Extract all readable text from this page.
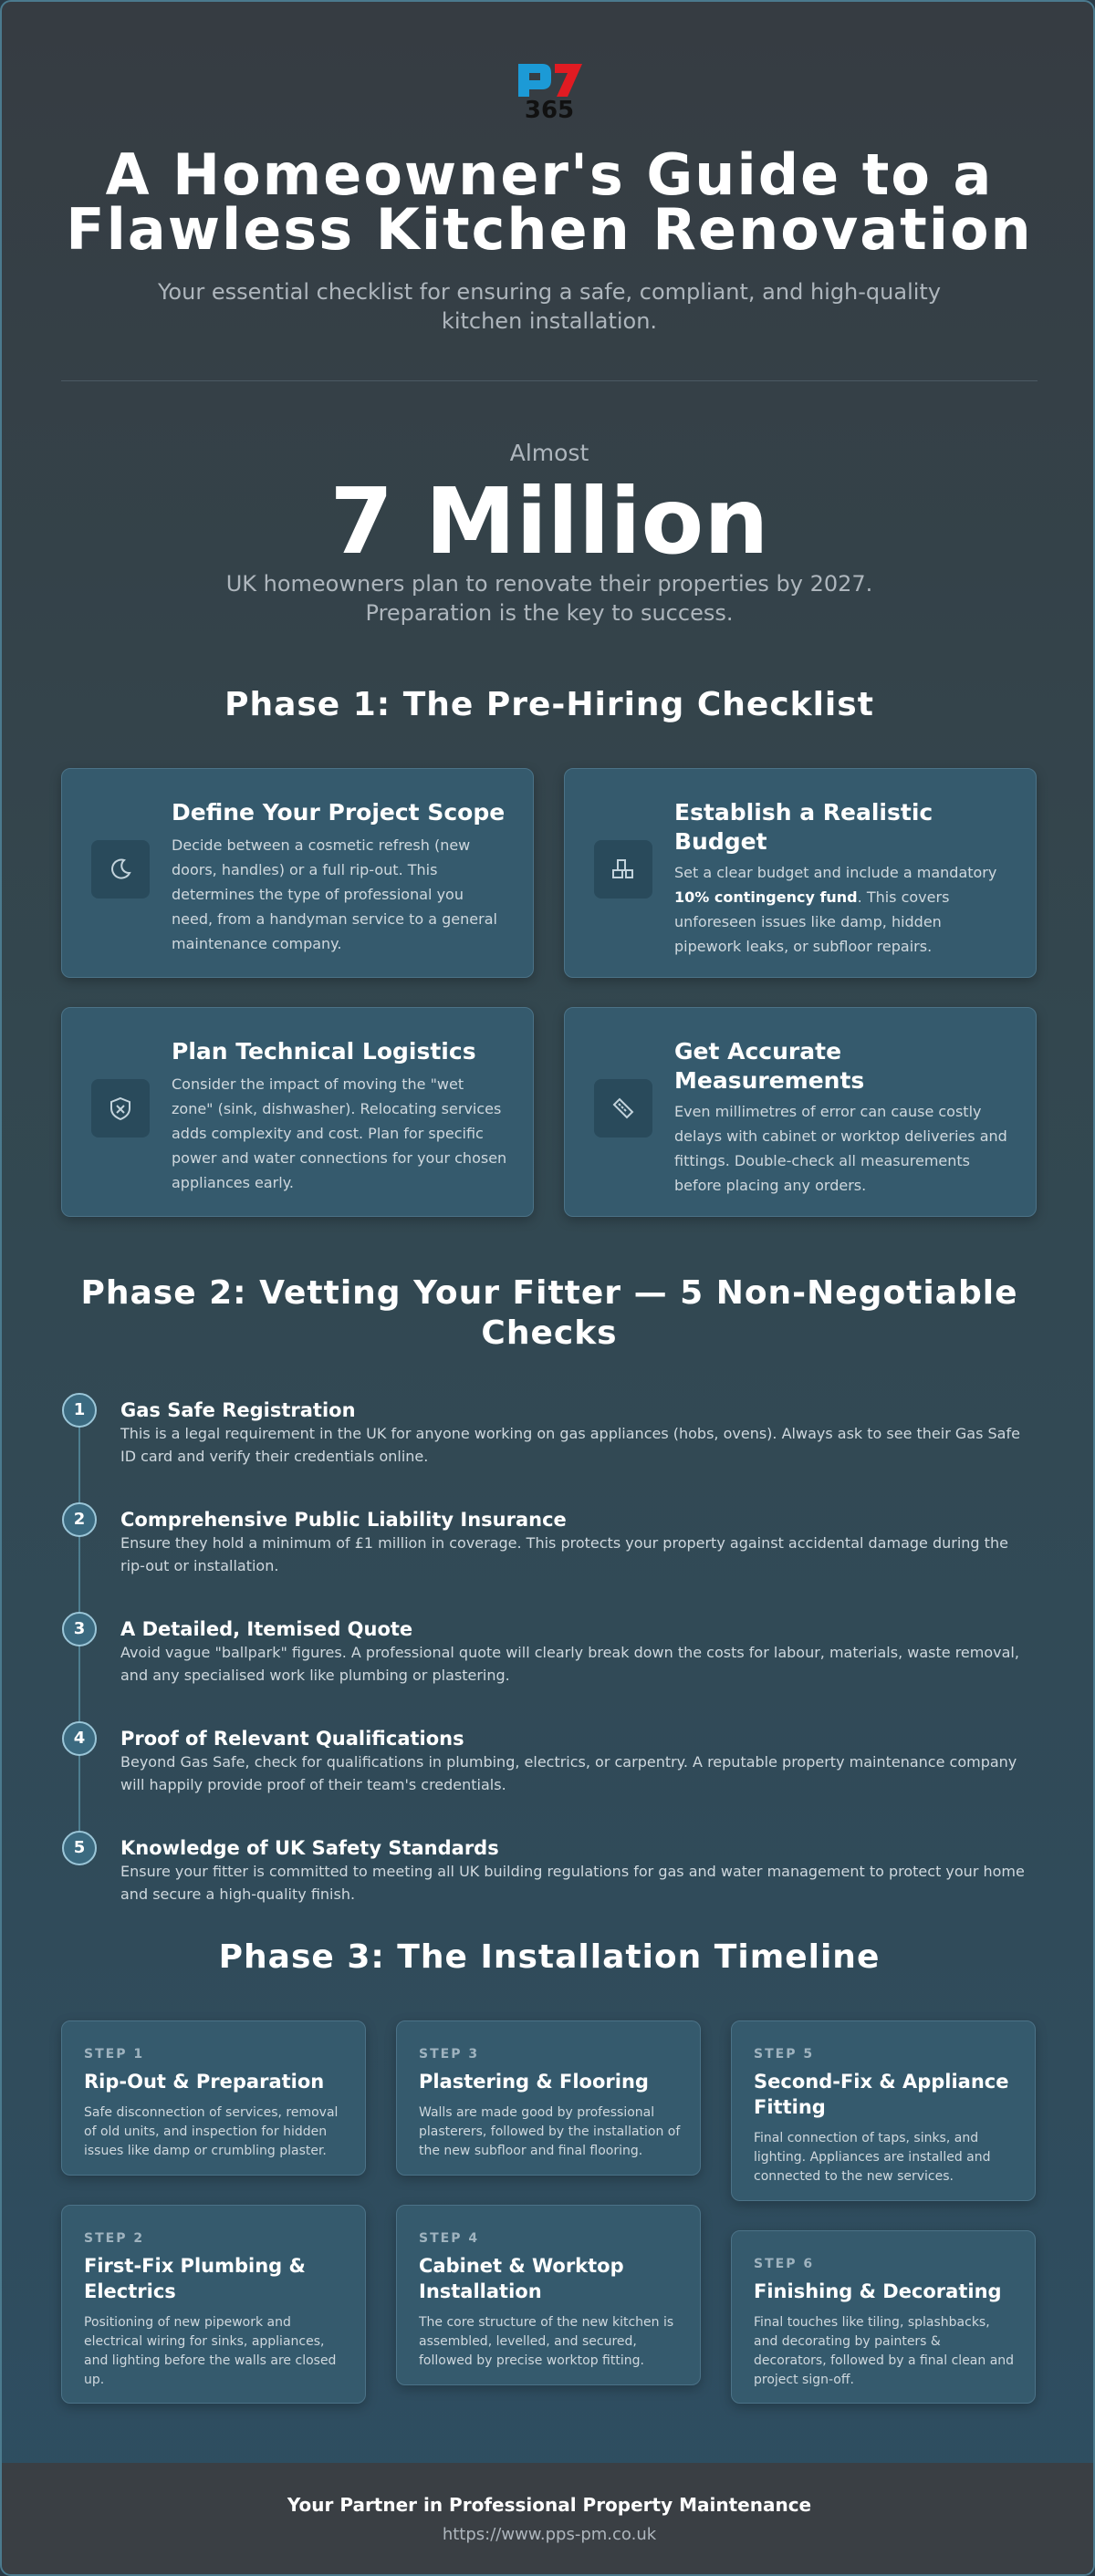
365
A Homeowner's Guide to a
Flawless Kitchen Renovation
Your essential checklist for ensuring a safe, compliant, and high-quality kitchen installation.
Almost
7 Million
UK homeowners plan to renovate their properties by 2027. Preparation is the key to success.
Phase 1: The Pre-Hiring Checklist
Define Your Project Scope

Decide between a cosmetic refresh (new doors, handles) or a full rip-out. This determines the type of professional you need, from a handyman service to a general maintenance company.

Establish a Realistic Budget

Set a clear budget and include a mandatory 10% contingency fund. This covers unforeseen issues like damp, hidden pipework leaks, or subfloor repairs.

Plan Technical Logistics

Consider the impact of moving the "wet zone" (sink, dishwasher). Relocating services adds complexity and cost. Plan for specific power and water connections for your chosen appliances early.

Get Accurate Measurements

Even millimetres of error can cause costly delays with cabinet or worktop deliveries and fittings. Double-check all measurements before placing any orders.

Phase 2: Vetting Your Fitter — 5 Non-Negotiable Checks
1	Gas Safe Registration
This is a legal requirement in the UK for anyone working on gas appliances (hobs, ovens). Always ask to see their Gas Safe ID card and verify their credentials online.
2	Comprehensive Public Liability Insurance
Ensure they hold a minimum of £1 million in coverage. This protects your property against accidental damage during the rip-out or installation.
3	A Detailed, Itemised Quote
Avoid vague "ballpark" figures. A professional quote will clearly break down the costs for labour, materials, waste removal, and any specialised work like plumbing or plastering.
4	Proof of Relevant Qualifications
Beyond Gas Safe, check for qualifications in plumbing, electrics, or carpentry. A reputable property maintenance company will happily provide proof of their team's credentials.
5	Knowledge of UK Safety Standards
Ensure your fitter is committed to meeting all UK building regulations for gas and water management to protect your home and secure a high-quality finish.
Phase 3: The Installation Timeline
STEP 1
Rip-Out & Preparation

Safe disconnection of services, removal of old units, and inspection for hidden issues like damp or crumbling plaster.

STEP 2
First-Fix Plumbing & Electrics

Positioning of new pipework and electrical wiring for sinks, appliances, and lighting before the walls are closed up.

STEP 3
Plastering & Flooring

Walls are made good by professional plasterers, followed by the installation of the new subfloor and final flooring.

STEP 4
Cabinet & Worktop Installation

The core structure of the new kitchen is assembled, levelled, and secured, followed by precise worktop fitting.

STEP 5
Second-Fix & Appliance Fitting

Final connection of taps, sinks, and lighting. Appliances are installed and connected to the new services.

STEP 6
Finishing & Decorating

Final touches like tiling, splashbacks, and decorating by painters & decorators, followed by a final clean and project sign-off.

Your Partner in Professional Property Maintenance
https://www.pps-pm.co.uk
